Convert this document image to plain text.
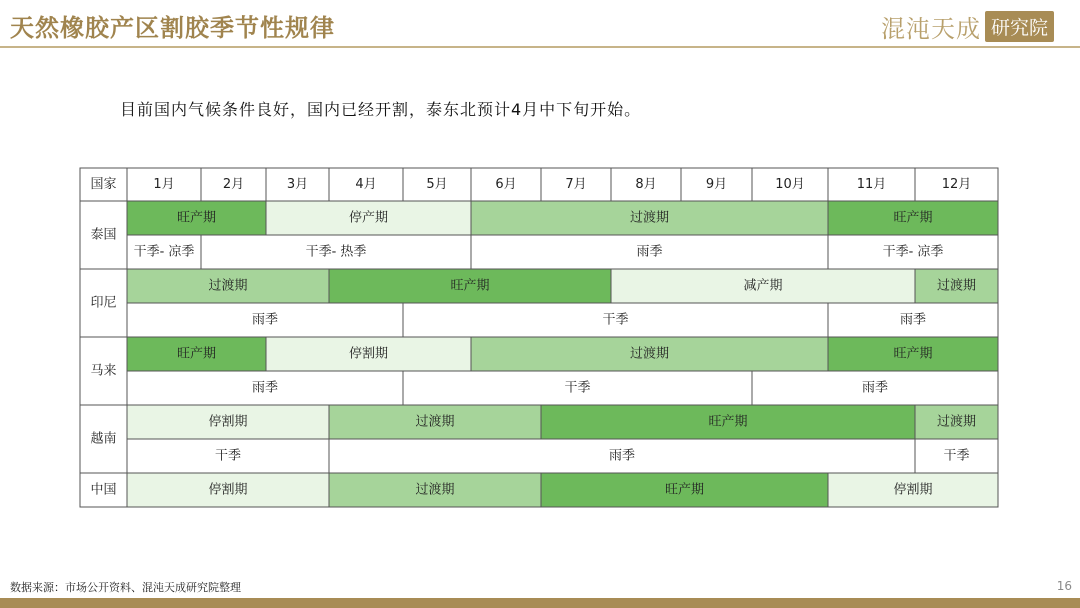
天然橡胶产区割胶季节性规律	混沌天成 研究院
目前国内气候条件良好，国内已经开割，泰东北预计4月中下旬开始。
国家	1月	2月	3月	4月	5月	6月	7月	8月	9月	10月	11月	12月
泰国
旺产期	停产期	过渡期	旺产期
干季- 凉季	干季- 热季	雨季	干季- 凉季
印尼
过渡期	旺产期	减产期	过渡期
雨季	干季	雨季
马来
旺产期	停割期	过渡期	旺产期
雨季	干季	雨季
越南
停割期	过渡期	旺产期	过渡期
干季	雨季	干季
中国	停割期	过渡期	旺产期	停割期
数据来源：市场公开资料、混沌天成研究院整理	16
